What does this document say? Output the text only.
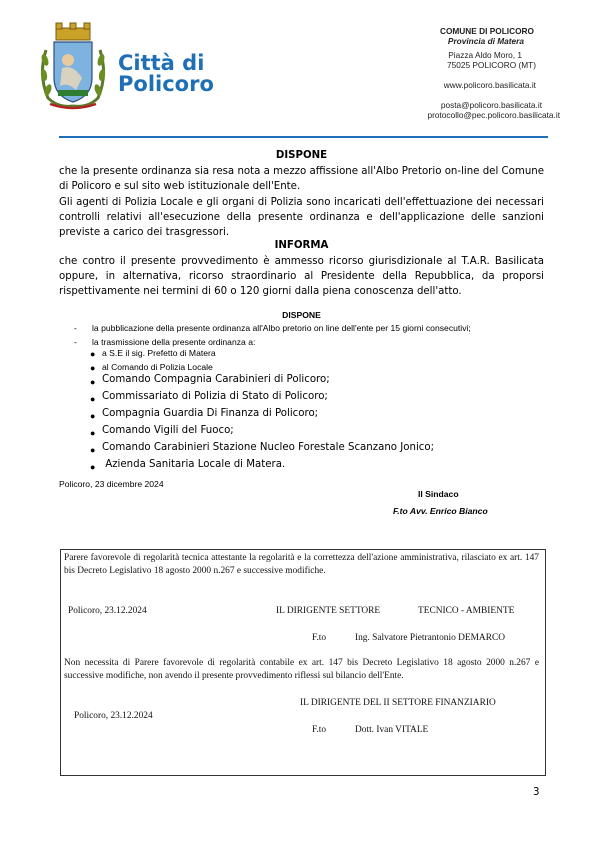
Città di
Policoro
COMUNE DI POLICORO
Provincia di Matera
Piazza Aldo Moro, 1
75025 POLICORO (MT)
www.policoro.basilicata.it
posta@policoro.basilicata.it
protocollo@pec.policoro.basilicata.it
DISPONE
che la presente ordinanza sia resa nota a mezzo affissione all'Albo Pretorio on-line del Comune di Policoro e sul sito web istituzionale dell'Ente.
Gli agenti di Polizia Locale e gli organi di Polizia sono incaricati dell'effettuazione dei necessari controlli relativi all'esecuzione della presente ordinanza e dell'applicazione delle sanzioni previste a carico dei trasgressori.
INFORMA
che contro il presente provvedimento è ammesso ricorso giurisdizionale al T.A.R. Basilicata oppure, in alternativa, ricorso straordinario al Presidente della Repubblica, da proporsi rispettivamente nei termini di 60 o 120 giorni dalla piena conoscenza dell'atto.
DISPONE
- la pubblicazione della presente ordinanza all'Albo pretorio on line dell'ente per 15 giorni consecutivi;
- la trasmissione della presente ordinanza a:
● a S.E il sig. Prefetto di Matera
● al Comando di Polizia Locale
● Comando Compagnia Carabinieri di Policoro;
● Commissariato di Polizia di Stato di Policoro;
● Compagnia Guardia Di Finanza di Policoro;
● Comando Vigili del Fuoco;
● Comando Carabinieri Stazione Nucleo Forestale Scanzano Jonico;
● Azienda Sanitaria Locale di Matera.
Policoro, 23 dicembre 2024
Il Sindaco
F.to Avv. Enrico Bianco
Parere favorevole di regolarità tecnica attestante la regolarità e la correttezza dell'azione amministrativa, rilasciato ex art. 147 bis Decreto Legislativo 18 agosto 2000 n.267 e successive modifiche.
Policoro, 23.12.2024	IL DIRIGENTE SETTORE	TECNICO - AMBIENTE
F.to	Ing. Salvatore Pietrantonio DEMARCO
Non necessita di Parere favorevole di regolarità contabile ex art. 147 bis Decreto Legislativo 18 agosto 2000 n.267 e successive modifiche, non avendo il presente provvedimento riflessi sul bilancio dell'Ente.
IL DIRIGENTE DEL II SETTORE FINANZIARIO
Policoro, 23.12.2024
F.to	Dott. Ivan VITALE
3
